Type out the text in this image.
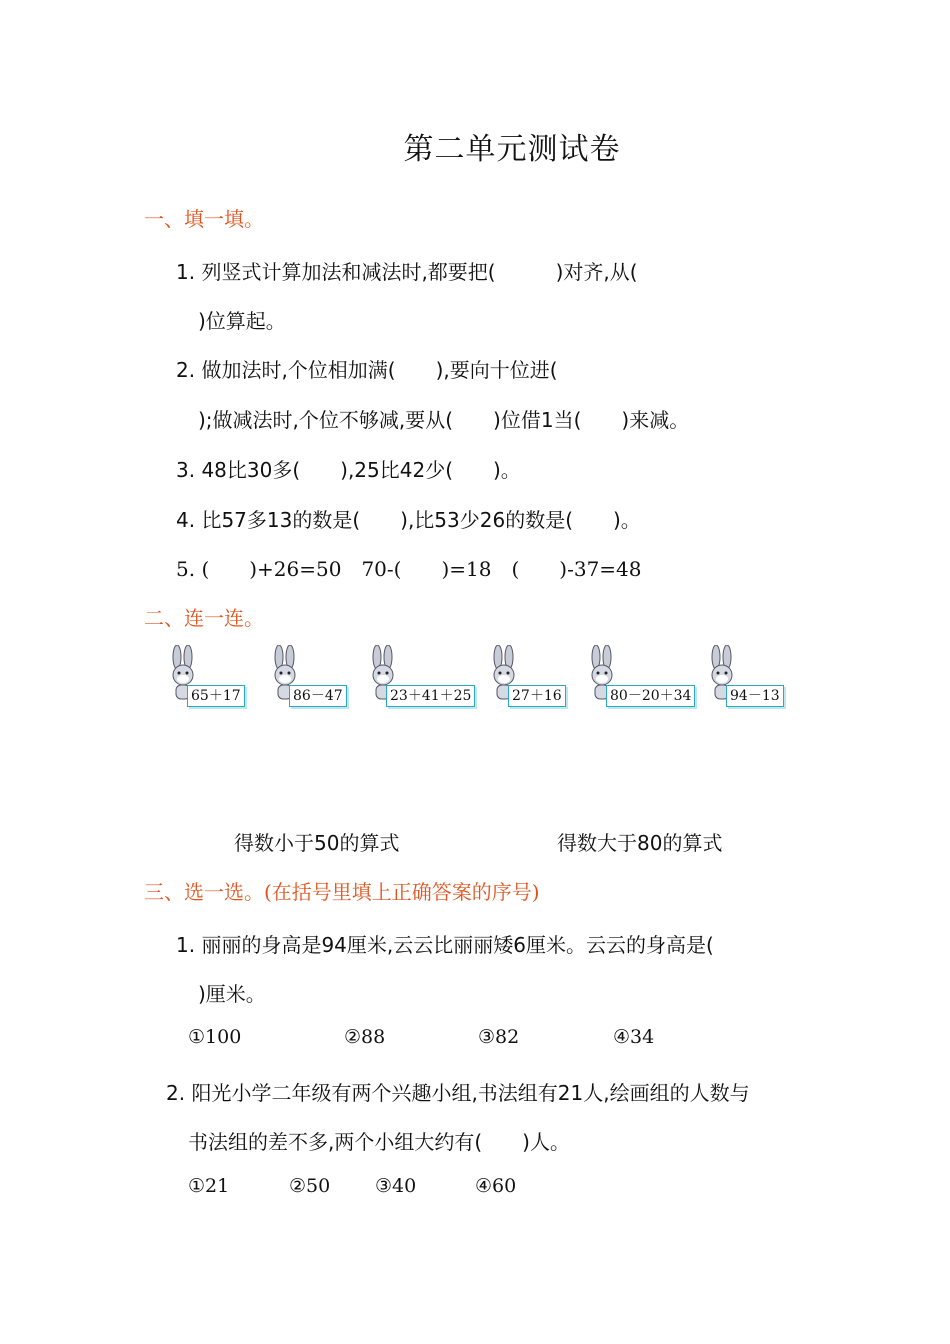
第二单元测试卷
一、填一填。
1. 列竖式计算加法和减法时,都要把(　　　)对齐,从(
)位算起。
2. 做加法时,个位相加满(　　),要向十位进(
);做减法时,个位不够减,要从(　　)位借1当(　　)来减。
3. 48比30多(　　),25比42少(　　)。
4. 比57多13的数是(　　),比53少26的数是(　　)。
5. (　　)+26=50　70-(　　)=18　(　　)-37=48
二、连一连。
65＋17	86－47	23＋41＋25	27＋16	80－20＋34	94－13
得数小于50的算式	得数大于80的算式
三、选一选。(在括号里填上正确答案的序号)
1. 丽丽的身高是94厘米,云云比丽丽矮6厘米。云云的身高是(
)厘米。
①100	②88	③82	④34
2. 阳光小学二年级有两个兴趣小组,书法组有21人,绘画组的人数与
书法组的差不多,两个小组大约有(　　)人。
①21	②50 ③40	④60
